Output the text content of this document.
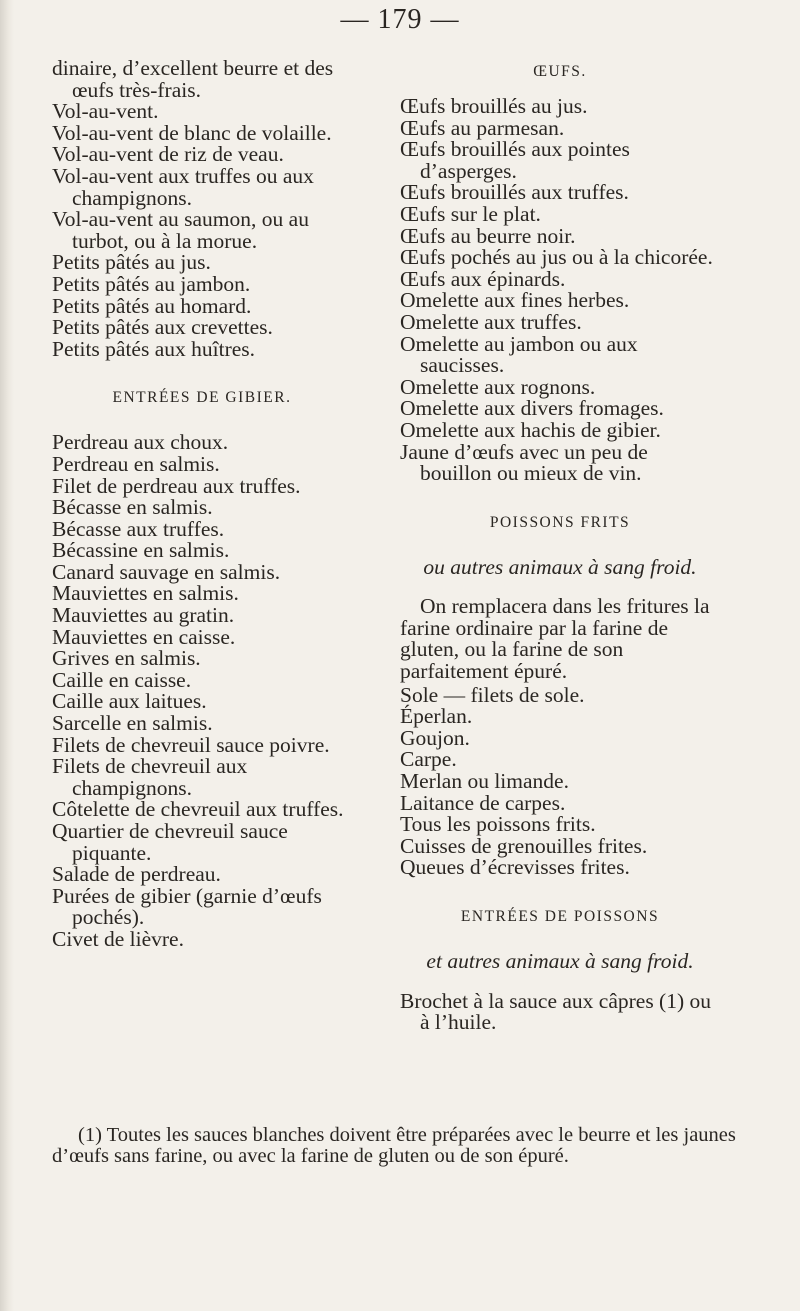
— 179 —

dinaire, d’excellent beurre et des œufs très-frais.

Vol-au-vent.

Vol-au-vent de blanc de volaille.

Vol-au-vent de riz de veau.

Vol-au-vent aux truffes ou aux champignons.

Vol-au-vent au saumon, ou au turbot, ou à la morue.

Petits pâtés au jus.

Petits pâtés au jambon.

Petits pâtés au homard.

Petits pâtés aux crevettes.

Petits pâtés aux huîtres.

ENTRÉES DE GIBIER.

Perdreau aux choux.

Perdreau en salmis.

Filet de perdreau aux truffes.

Bécasse en salmis.

Bécasse aux truffes.

Bécassine en salmis.

Canard sauvage en salmis.

Mauviettes en salmis.

Mauviettes au gratin.

Mauviettes en caisse.

Grives en salmis.

Caille en caisse.

Caille aux laitues.

Sarcelle en salmis.

Filets de chevreuil sauce poivre.

Filets de chevreuil aux champignons.

Côtelette de chevreuil aux truffes.

Quartier de chevreuil sauce piquante.

Salade de perdreau.

Purées de gibier (garnie d’œufs pochés).

Civet de lièvre.

ŒUFS.

Œufs brouillés au jus.

Œufs au parmesan.

Œufs brouillés aux pointes d’asperges.

Œufs brouillés aux truffes.

Œufs sur le plat.

Œufs au beurre noir.

Œufs pochés au jus ou à la chicorée.

Œufs aux épinards.

Omelette aux fines herbes.

Omelette aux truffes.

Omelette au jambon ou aux saucisses.

Omelette aux rognons.

Omelette aux divers fromages.

Omelette aux hachis de gibier.

Jaune d’œufs avec un peu de bouillon ou mieux de vin.

POISSONS FRITS
ou autres animaux à sang froid.

On remplacera dans les fritures la farine ordinaire par la farine de gluten, ou la farine de son parfaitement épuré.

Sole — filets de sole.

Éperlan.

Goujon.

Carpe.

Merlan ou limande.

Laitance de carpes.

Tous les poissons frits.

Cuisses de grenouilles frites.

Queues d’écrevisses frites.

ENTRÉES DE POISSONS
et autres animaux à sang froid.

Brochet à la sauce aux câpres (1) ou à l’huile.

(1) Toutes les sauces blanches doivent être préparées avec le beurre et les jaunes d’œufs sans farine, ou avec la farine de gluten ou de son épuré.
